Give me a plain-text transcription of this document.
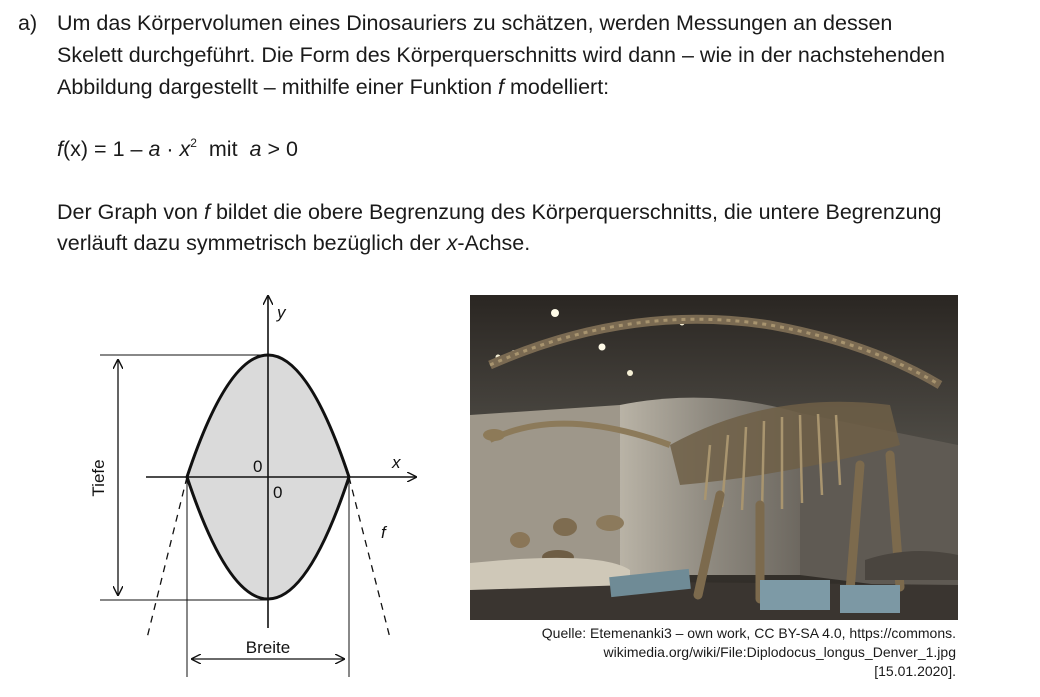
a) Um das Körpervolumen eines Dinosauriers zu schätzen, werden Messungen an dessen
Skelett durchgeführt. Die Form des Körperquerschnitts wird dann – wie in der nachstehenden
Abbildung dargestellt – mithilfe einer Funktion f modelliert:
$f(x) = 1 - a \cdot x^2$  mit  a > 0
Der Graph von f bildet die obere Begrenzung des Körperquerschnitts, die untere Begrenzung
verläuft dazu symmetrisch bezüglich der x-Achse.
y
x
f
0
0
Breite
Tiefe
Quelle: Etemenanki3 – own work, CC BY-SA 4.0, https://commons.
wikimedia.org/wiki/File:Diplodocus_longus_Denver_1.jpg
[15.01.2020].
